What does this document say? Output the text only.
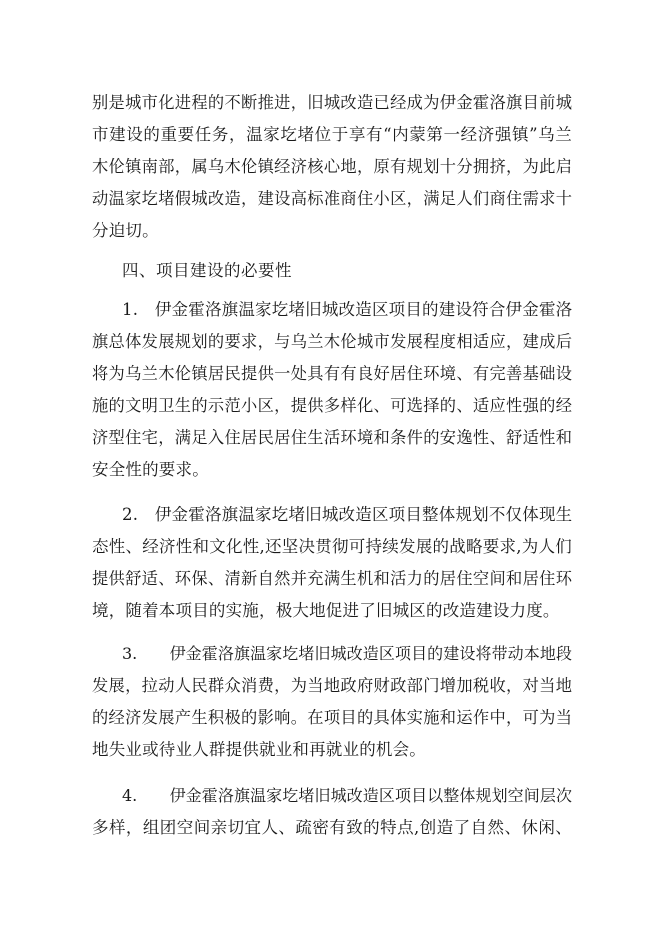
别是城市化进程的不断推进，旧城改造已经成为伊金霍洛旗目前城
市建设的重要任务，温家圪堵位于享有“内蒙第一经济强镇”乌兰
木伦镇南部，属乌木伦镇经济核心地，原有规划十分拥挤，为此启
动温家圪堵假城改造，建设高标准商住小区，满足人们商住需求十
分迫切。
四、项目建设的必要性
1.　伊金霍洛旗温家圪堵旧城改造区项目的建设符合伊金霍洛
旗总体发展规划的要求，与乌兰木伦城市发展程度相适应，建成后
将为乌兰木伦镇居民提供一处具有有良好居住环境、有完善基础设
施的文明卫生的示范小区，提供多样化、可选择的、适应性强的经
济型住宅，满足入住居民居住生活环境和条件的安逸性、舒适性和
安全性的要求。
2.　伊金霍洛旗温家圪堵旧城改造区项目整体规划不仅体现生
态性、经济性和文化性,还坚决贯彻可持续发展的战略要求,为人们
提供舒适、环保、清新自然并充满生机和活力的居住空间和居住环
境，随着本项目的实施，极大地促进了旧城区的改造建设力度。
3.　　伊金霍洛旗温家圪堵旧城改造区项目的建设将带动本地段
发展，拉动人民群众消费，为当地政府财政部门增加税收，对当地
的经济发展产生积极的影响。在项目的具体实施和运作中，可为当
地失业或待业人群提供就业和再就业的机会。
4.　　伊金霍洛旗温家圪堵旧城改造区项目以整体规划空间层次
多样，组团空间亲切宜人、疏密有致的特点,创造了自然、休闲、
